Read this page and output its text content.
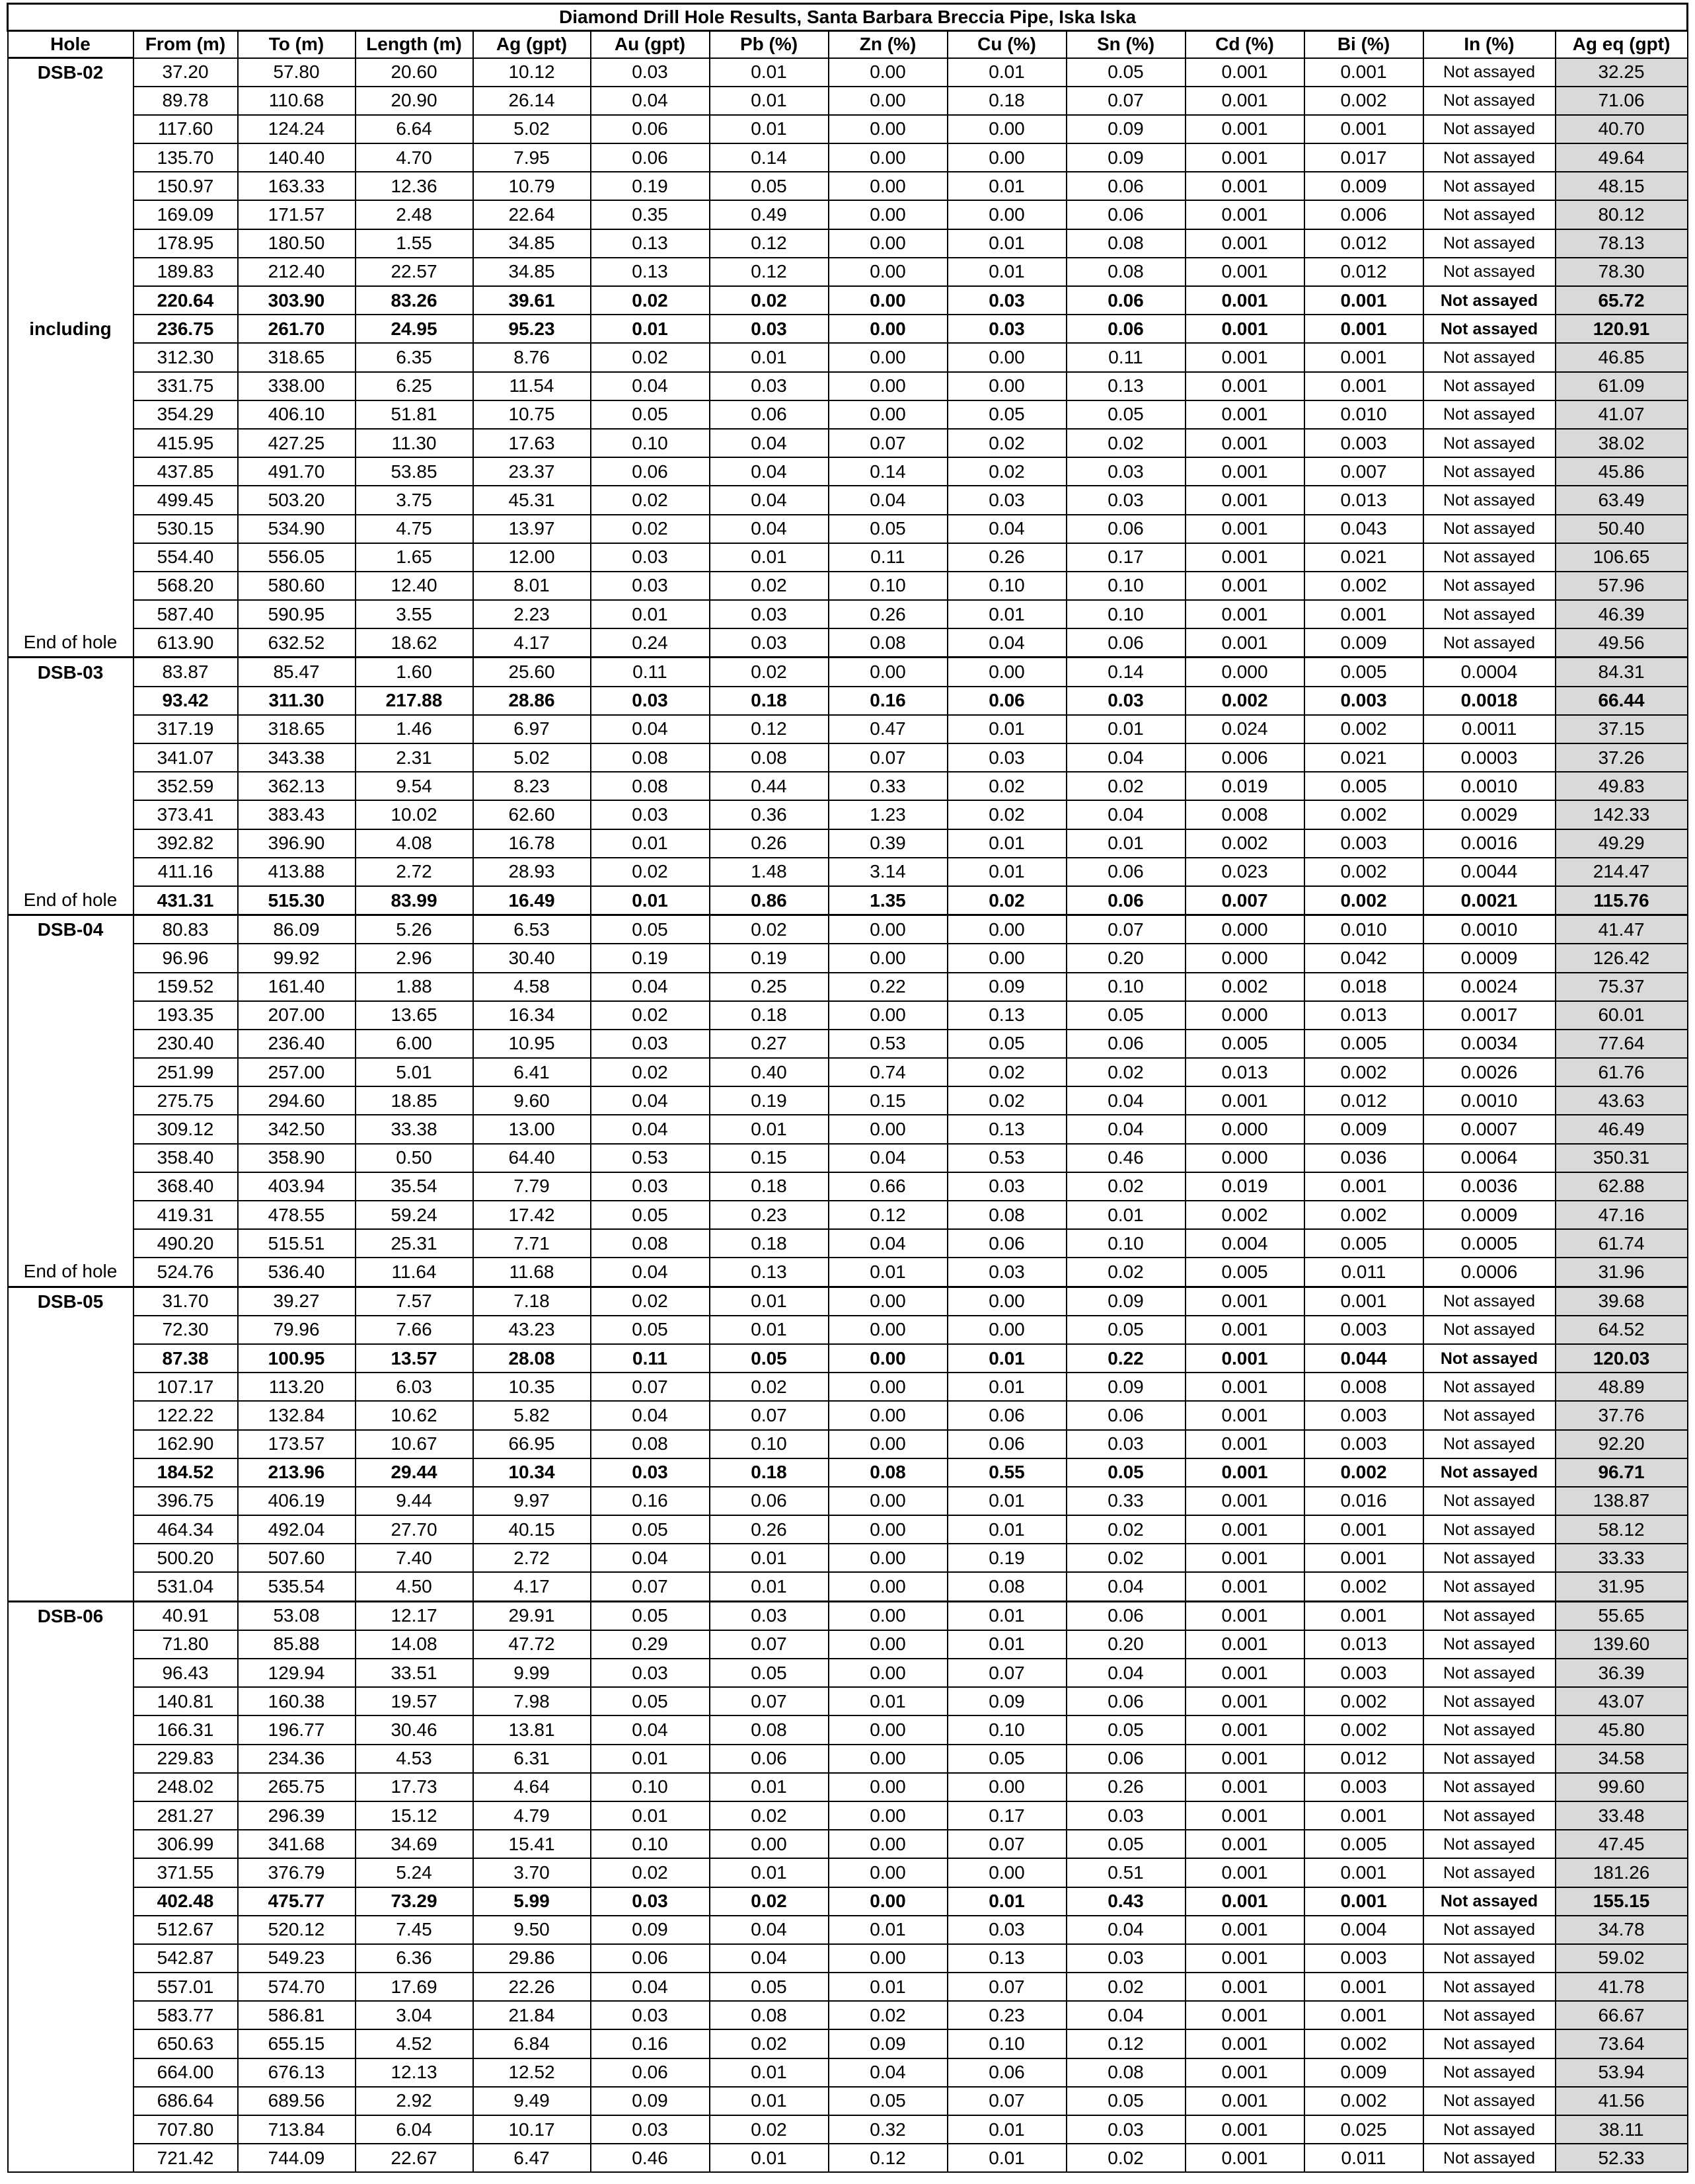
Diamond Drill Hole Results, Santa Barbara Breccia Pipe, Iska Iska													
Hole	From (m)	To (m)	Length (m)	Ag (gpt)	Au (gpt)	Pb (%)	Zn (%)	Cu (%)	Sn (%)	Cd (%)	Bi (%)	In (%)	Ag eq (gpt)
DSB-02	37.20	57.80	20.60	10.12	0.03	0.01	0.00	0.01	0.05	0.001	0.001	Not assayed	32.25
	89.78	110.68	20.90	26.14	0.04	0.01	0.00	0.18	0.07	0.001	0.002	Not assayed	71.06
	117.60	124.24	6.64	5.02	0.06	0.01	0.00	0.00	0.09	0.001	0.001	Not assayed	40.70
	135.70	140.40	4.70	7.95	0.06	0.14	0.00	0.00	0.09	0.001	0.017	Not assayed	49.64
	150.97	163.33	12.36	10.79	0.19	0.05	0.00	0.01	0.06	0.001	0.009	Not assayed	48.15
	169.09	171.57	2.48	22.64	0.35	0.49	0.00	0.00	0.06	0.001	0.006	Not assayed	80.12
	178.95	180.50	1.55	34.85	0.13	0.12	0.00	0.01	0.08	0.001	0.012	Not assayed	78.13
	189.83	212.40	22.57	34.85	0.13	0.12	0.00	0.01	0.08	0.001	0.012	Not assayed	78.30
	220.64	303.90	83.26	39.61	0.02	0.02	0.00	0.03	0.06	0.001	0.001	Not assayed	65.72
including	236.75	261.70	24.95	95.23	0.01	0.03	0.00	0.03	0.06	0.001	0.001	Not assayed	120.91
	312.30	318.65	6.35	8.76	0.02	0.01	0.00	0.00	0.11	0.001	0.001	Not assayed	46.85
	331.75	338.00	6.25	11.54	0.04	0.03	0.00	0.00	0.13	0.001	0.001	Not assayed	61.09
	354.29	406.10	51.81	10.75	0.05	0.06	0.00	0.05	0.05	0.001	0.010	Not assayed	41.07
	415.95	427.25	11.30	17.63	0.10	0.04	0.07	0.02	0.02	0.001	0.003	Not assayed	38.02
	437.85	491.70	53.85	23.37	0.06	0.04	0.14	0.02	0.03	0.001	0.007	Not assayed	45.86
	499.45	503.20	3.75	45.31	0.02	0.04	0.04	0.03	0.03	0.001	0.013	Not assayed	63.49
	530.15	534.90	4.75	13.97	0.02	0.04	0.05	0.04	0.06	0.001	0.043	Not assayed	50.40
	554.40	556.05	1.65	12.00	0.03	0.01	0.11	0.26	0.17	0.001	0.021	Not assayed	106.65
	568.20	580.60	12.40	8.01	0.03	0.02	0.10	0.10	0.10	0.001	0.002	Not assayed	57.96
	587.40	590.95	3.55	2.23	0.01	0.03	0.26	0.01	0.10	0.001	0.001	Not assayed	46.39
End of hole	613.90	632.52	18.62	4.17	0.24	0.03	0.08	0.04	0.06	0.001	0.009	Not assayed	49.56
DSB-03	83.87	85.47	1.60	25.60	0.11	0.02	0.00	0.00	0.14	0.000	0.005	0.0004	84.31
	93.42	311.30	217.88	28.86	0.03	0.18	0.16	0.06	0.03	0.002	0.003	0.0018	66.44
	317.19	318.65	1.46	6.97	0.04	0.12	0.47	0.01	0.01	0.024	0.002	0.0011	37.15
	341.07	343.38	2.31	5.02	0.08	0.08	0.07	0.03	0.04	0.006	0.021	0.0003	37.26
	352.59	362.13	9.54	8.23	0.08	0.44	0.33	0.02	0.02	0.019	0.005	0.0010	49.83
	373.41	383.43	10.02	62.60	0.03	0.36	1.23	0.02	0.04	0.008	0.002	0.0029	142.33
	392.82	396.90	4.08	16.78	0.01	0.26	0.39	0.01	0.01	0.002	0.003	0.0016	49.29
	411.16	413.88	2.72	28.93	0.02	1.48	3.14	0.01	0.06	0.023	0.002	0.0044	214.47
End of hole	431.31	515.30	83.99	16.49	0.01	0.86	1.35	0.02	0.06	0.007	0.002	0.0021	115.76
DSB-04	80.83	86.09	5.26	6.53	0.05	0.02	0.00	0.00	0.07	0.000	0.010	0.0010	41.47
	96.96	99.92	2.96	30.40	0.19	0.19	0.00	0.00	0.20	0.000	0.042	0.0009	126.42
	159.52	161.40	1.88	4.58	0.04	0.25	0.22	0.09	0.10	0.002	0.018	0.0024	75.37
	193.35	207.00	13.65	16.34	0.02	0.18	0.00	0.13	0.05	0.000	0.013	0.0017	60.01
	230.40	236.40	6.00	10.95	0.03	0.27	0.53	0.05	0.06	0.005	0.005	0.0034	77.64
	251.99	257.00	5.01	6.41	0.02	0.40	0.74	0.02	0.02	0.013	0.002	0.0026	61.76
	275.75	294.60	18.85	9.60	0.04	0.19	0.15	0.02	0.04	0.001	0.012	0.0010	43.63
	309.12	342.50	33.38	13.00	0.04	0.01	0.00	0.13	0.04	0.000	0.009	0.0007	46.49
	358.40	358.90	0.50	64.40	0.53	0.15	0.04	0.53	0.46	0.000	0.036	0.0064	350.31
	368.40	403.94	35.54	7.79	0.03	0.18	0.66	0.03	0.02	0.019	0.001	0.0036	62.88
	419.31	478.55	59.24	17.42	0.05	0.23	0.12	0.08	0.01	0.002	0.002	0.0009	47.16
	490.20	515.51	25.31	7.71	0.08	0.18	0.04	0.06	0.10	0.004	0.005	0.0005	61.74
End of hole	524.76	536.40	11.64	11.68	0.04	0.13	0.01	0.03	0.02	0.005	0.011	0.0006	31.96
DSB-05	31.70	39.27	7.57	7.18	0.02	0.01	0.00	0.00	0.09	0.001	0.001	Not assayed	39.68
	72.30	79.96	7.66	43.23	0.05	0.01	0.00	0.00	0.05	0.001	0.003	Not assayed	64.52
	87.38	100.95	13.57	28.08	0.11	0.05	0.00	0.01	0.22	0.001	0.044	Not assayed	120.03
	107.17	113.20	6.03	10.35	0.07	0.02	0.00	0.01	0.09	0.001	0.008	Not assayed	48.89
	122.22	132.84	10.62	5.82	0.04	0.07	0.00	0.06	0.06	0.001	0.003	Not assayed	37.76
	162.90	173.57	10.67	66.95	0.08	0.10	0.00	0.06	0.03	0.001	0.003	Not assayed	92.20
	184.52	213.96	29.44	10.34	0.03	0.18	0.08	0.55	0.05	0.001	0.002	Not assayed	96.71
	396.75	406.19	9.44	9.97	0.16	0.06	0.00	0.01	0.33	0.001	0.016	Not assayed	138.87
	464.34	492.04	27.70	40.15	0.05	0.26	0.00	0.01	0.02	0.001	0.001	Not assayed	58.12
	500.20	507.60	7.40	2.72	0.04	0.01	0.00	0.19	0.02	0.001	0.001	Not assayed	33.33
	531.04	535.54	4.50	4.17	0.07	0.01	0.00	0.08	0.04	0.001	0.002	Not assayed	31.95
DSB-06	40.91	53.08	12.17	29.91	0.05	0.03	0.00	0.01	0.06	0.001	0.001	Not assayed	55.65
	71.80	85.88	14.08	47.72	0.29	0.07	0.00	0.01	0.20	0.001	0.013	Not assayed	139.60
	96.43	129.94	33.51	9.99	0.03	0.05	0.00	0.07	0.04	0.001	0.003	Not assayed	36.39
	140.81	160.38	19.57	7.98	0.05	0.07	0.01	0.09	0.06	0.001	0.002	Not assayed	43.07
	166.31	196.77	30.46	13.81	0.04	0.08	0.00	0.10	0.05	0.001	0.002	Not assayed	45.80
	229.83	234.36	4.53	6.31	0.01	0.06	0.00	0.05	0.06	0.001	0.012	Not assayed	34.58
	248.02	265.75	17.73	4.64	0.10	0.01	0.00	0.00	0.26	0.001	0.003	Not assayed	99.60
	281.27	296.39	15.12	4.79	0.01	0.02	0.00	0.17	0.03	0.001	0.001	Not assayed	33.48
	306.99	341.68	34.69	15.41	0.10	0.00	0.00	0.07	0.05	0.001	0.005	Not assayed	47.45
	371.55	376.79	5.24	3.70	0.02	0.01	0.00	0.00	0.51	0.001	0.001	Not assayed	181.26
	402.48	475.77	73.29	5.99	0.03	0.02	0.00	0.01	0.43	0.001	0.001	Not assayed	155.15
	512.67	520.12	7.45	9.50	0.09	0.04	0.01	0.03	0.04	0.001	0.004	Not assayed	34.78
	542.87	549.23	6.36	29.86	0.06	0.04	0.00	0.13	0.03	0.001	0.003	Not assayed	59.02
	557.01	574.70	17.69	22.26	0.04	0.05	0.01	0.07	0.02	0.001	0.001	Not assayed	41.78
	583.77	586.81	3.04	21.84	0.03	0.08	0.02	0.23	0.04	0.001	0.001	Not assayed	66.67
	650.63	655.15	4.52	6.84	0.16	0.02	0.09	0.10	0.12	0.001	0.002	Not assayed	73.64
	664.00	676.13	12.13	12.52	0.06	0.01	0.04	0.06	0.08	0.001	0.009	Not assayed	53.94
	686.64	689.56	2.92	9.49	0.09	0.01	0.05	0.07	0.05	0.001	0.002	Not assayed	41.56
	707.80	713.84	6.04	10.17	0.03	0.02	0.32	0.01	0.03	0.001	0.025	Not assayed	38.11
	721.42	744.09	22.67	6.47	0.46	0.01	0.12	0.01	0.02	0.001	0.011	Not assayed	52.33
